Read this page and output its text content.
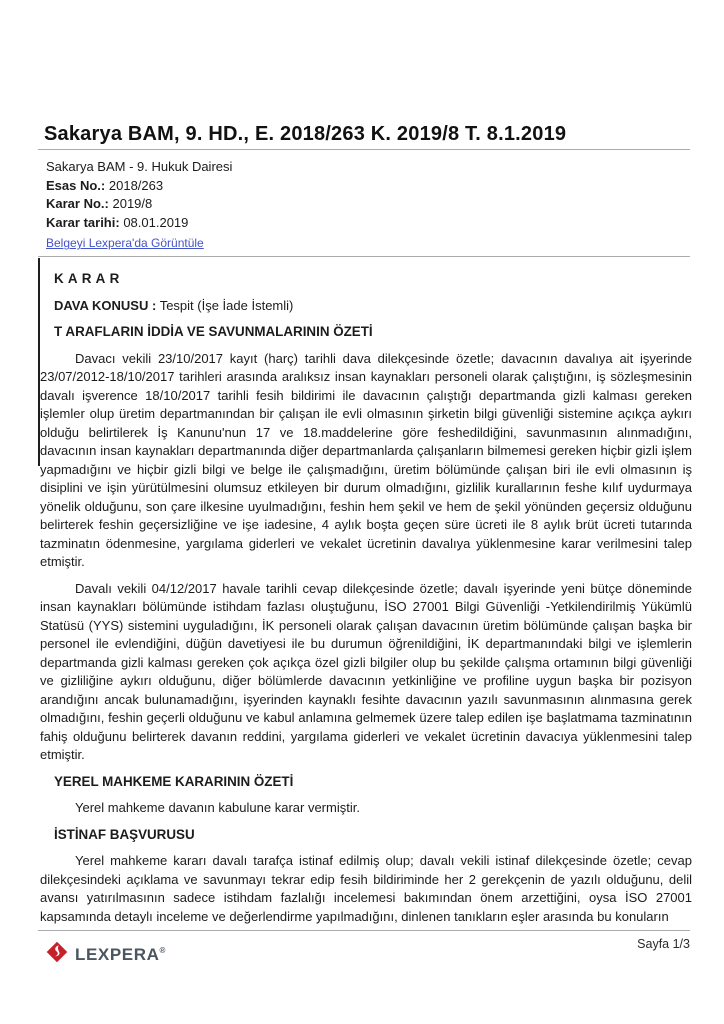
Sakarya BAM, 9. HD., E. 2018/263 K. 2019/8 T. 8.1.2019
Sakarya BAM - 9. Hukuk Dairesi
Esas No.: 2018/263
Karar No.: 2019/8
Karar tarihi: 08.01.2019
Belgeyi Lexpera'da Görüntüle
K A R A R
DAVA KONUSU : Tespit (İşe İade İstemli)
T ARAFLARIN İDDİA VE SAVUNMALARININ ÖZETİ

Davacı vekili 23/10/2017 kayıt (harç) tarihli dava dilekçesinde özetle; davacının davalıya ait işyerinde 23/07/2012-18/10/2017 tarihleri arasında aralıksız insan kaynakları personeli olarak çalıştığını, iş sözleşmesinin davalı işverence 18/10/2017 tarihli fesih bildirimi ile davacının çalıştığı departmanda gizli kalması gereken işlemler olup üretim departmanından bir çalışan ile evli olmasının şirketin bilgi güvenliği sistemine açıkça aykırı olduğu belirtilerek İş Kanunu'nun 17 ve 18.maddelerine göre feshedildiğini, savunmasının alınmadığını, davacının insan kaynakları departmanında diğer departmanlarda çalışanların bilmemesi gereken hiçbir gizli işlem yapmadığını ve hiçbir gizli bilgi ve belge ile çalışmadığını, üretim bölümünde çalışan biri ile evli olmasının iş disiplini ve işin yürütülmesini olumsuz etkileyen bir durum olmadığını, gizlilik kurallarının feshe kılıf uydurmaya yönelik olduğunu, son çare ilkesine uyulmadığını, feshin hem şekil ve hem de şekil yönünden geçersiz olduğunu belirterek feshin geçersizliğine ve işe iadesine, 4 aylık boşta geçen süre ücreti ile 8 aylık brüt ücreti tutarında tazminatın ödenmesine, yargılama giderleri ve vekalet ücretinin davalıya yüklenmesine karar verilmesini talep etmiştir.

Davalı vekili 04/12/2017 havale tarihli cevap dilekçesinde özetle; davalı işyerinde yeni bütçe döneminde insan kaynakları bölümünde istihdam fazlası oluştuğunu, İSO 27001 Bilgi Güvenliği -Yetkilendirilmiş Yükümlü Statüsü (YYS) sistemini uyguladığını, İK personeli olarak çalışan davacının üretim bölümünde çalışan başka bir personel ile evlendiğini, düğün davetiyesi ile bu durumun öğrenildiğini, İK departmanındaki bilgi ve işlemlerin departmanda gizli kalması gereken çok açıkça özel gizli bilgiler olup bu şekilde çalışma ortamının bilgi güvenliği ve gizliliğine aykırı olduğunu, diğer bölümlerde davacının yetkinliğine ve profiline uygun başka bir pozisyon arandığını ancak bulunamadığını, işyerinden kaynaklı fesihte davacının yazılı savunmasının alınmasına gerek olmadığını, feshin geçerli olduğunu ve kabul anlamına gelmemek üzere talep edilen işe başlatmama tazminatının fahiş olduğunu belirterek davanın reddini, yargılama giderleri ve vekalet ücretinin davacıya yüklenmesini talep etmiştir.

YEREL MAHKEME KARARININ ÖZETİ

Yerel mahkeme davanın kabulune karar vermiştir.

İSTİNAF BAŞVURUSU

Yerel mahkeme kararı davalı tarafça istinaf edilmiş olup; davalı vekili istinaf dilekçesinde özetle; cevap dilekçesindeki açıklama ve savunmayı tekrar edip fesih bildiriminde her 2 gerekçenin de yazılı olduğunu, delil avansı yatırılmasının sadece istihdam fazlalığı incelemesi bakımından önem arzettiğini, oysa İSO 27001 kapsamında detaylı inceleme ve değerlendirme yapılmadığını, dinlenen tanıkların eşler arasında bu konuların

LEXPERA®	Sayfa 1/3
